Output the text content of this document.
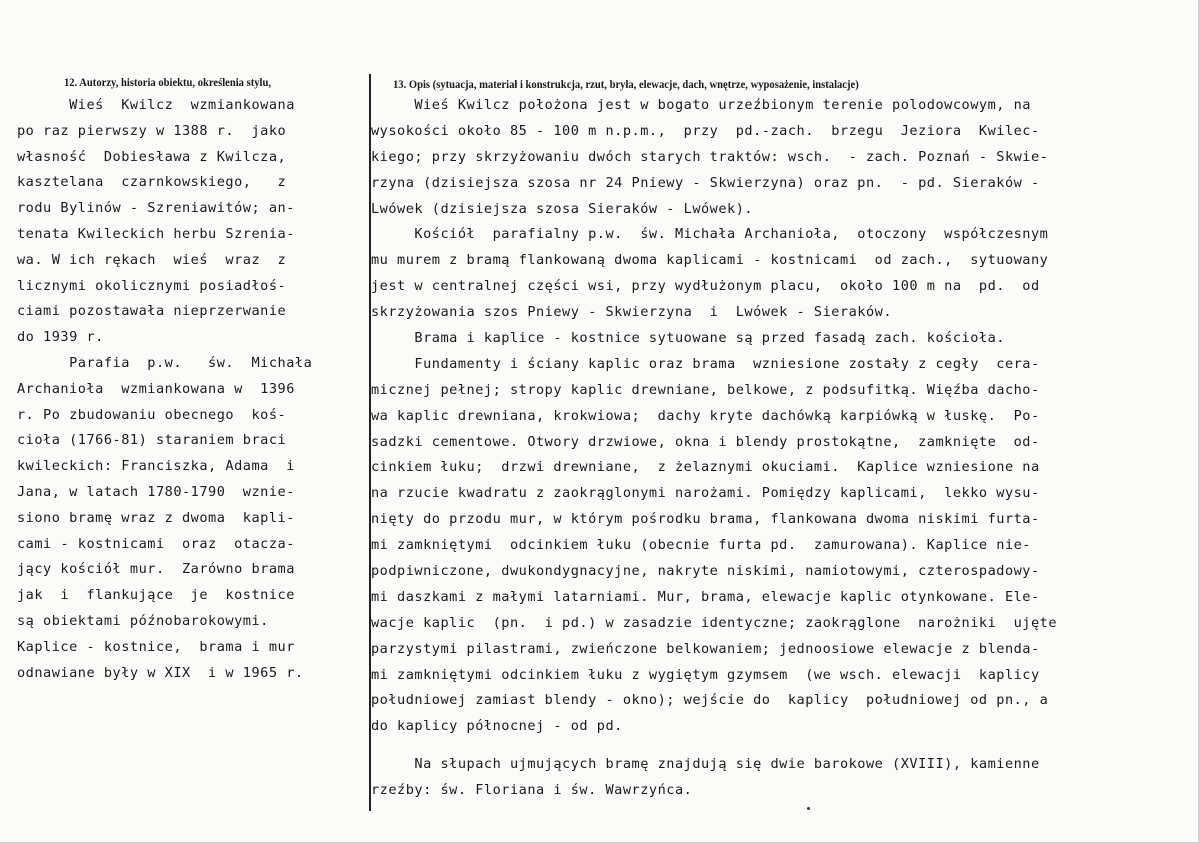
12. Autorzy, historia obiektu, określenia stylu,	13. Opis (sytuacja, materiał i konstrukcja, rzut, bryła, elewacje, dach, wnętrze, wyposażenie, instalacje)
Wieś  Kwilcz  wzmiankowana
po raz pierwszy w 1388 r.  jako
własność  Dobiesława z Kwilcza,
kasztelana  czarnkowskiego,   z
rodu Bylinów - Szreniawitów; an-
tenata Kwileckich herbu Szrenia-
wa. W ich rękach  wieś  wraz  z
licznymi okolicznymi posiadłoś-
ciami pozostawała nieprzerwanie
do 1939 r.
Parafia  p.w.   św.  Michała
Archanioła  wzmiankowana w  1396
r. Po zbudowaniu obecnego  koś-
cioła (1766-81) staraniem braci
kwileckich: Franciszka, Adama  i
Jana, w latach 1780-1790  wznie-
siono bramę wraz z dwoma  kapli-
cami - kostnicami  oraz  otacza-
jący kościół mur.  Zarówno brama
jak  i  flankujące  je  kostnice
są obiektami późnobarokowymi.
Kaplice - kostnice,  brama i mur
odnawiane były w XIX  i w 1965 r.
Wieś Kwilcz położona jest w bogato urzeźbionym terenie polodowcowym, na
wysokości około 85 - 100 m n.p.m.,  przy  pd.-zach.  brzegu  Jeziora  Kwilec-
kiego; przy skrzyżowaniu dwóch starych traktów: wsch.  - zach. Poznań - Skwie-
rzyna (dzisiejsza szosa nr 24 Pniewy - Skwierzyna) oraz pn.  - pd. Sieraków -
Lwówek (dzisiejsza szosa Sieraków - Lwówek).
Kościół  parafialny p.w.  św. Michała Archanioła,  otoczony  współczesnym
mu murem z bramą flankowaną dwoma kaplicami - kostnicami  od zach.,  sytuowany
jest w centralnej części wsi, przy wydłużonym placu,  około 100 m na  pd.  od
skrzyżowania szos Pniewy - Skwierzyna  i  Lwówek - Sieraków.
Brama i kaplice - kostnice sytuowane są przed fasadą zach. kościoła.
Fundamenty i ściany kaplic oraz brama  wzniesione zostały z cegły  cera-
micznej pełnej; stropy kaplic drewniane, belkowe, z podsufitką. Więźba dacho-
wa kaplic drewniana, krokwiowa;  dachy kryte dachówką karpiówką w łuskę.  Po-
sadzki cementowe. Otwory drzwiowe, okna i blendy prostokątne,  zamknięte  od-
cinkiem łuku;  drzwi drewniane,  z żelaznymi okuciami.  Kaplice wzniesione na
na rzucie kwadratu z zaokrąglonymi narożami. Pomiędzy kaplicami,  lekko wysu-
nięty do przodu mur, w którym pośrodku brama, flankowana dwoma niskimi furta-
mi zamkniętymi  odcinkiem łuku (obecnie furta pd.  zamurowana). Kaplice nie-
podpiwniczone, dwukondygnacyjne, nakryte niskimi, namiotowymi, czterospadowy-
mi daszkami z małymi latarniami. Mur, brama, elewacje kaplic otynkowane. Ele-
wacje kaplic  (pn.  i pd.) w zasadzie identyczne; zaokrąglone  narożniki  ujęte
parzystymi pilastrami, zwieńczone belkowaniem; jednoosiowe elewacje z blenda-
mi zamkniętymi odcinkiem łuku z wygiętym gzymsem  (we wsch. elewacji  kaplicy
południowej zamiast blendy - okno); wejście do  kaplicy  południowej od pn., a
do kaplicy północnej - od pd.
Na słupach ujmujących bramę znajdują się dwie barokowe (XVIII), kamienne
rzeźby: św. Floriana i św. Wawrzyńca.
